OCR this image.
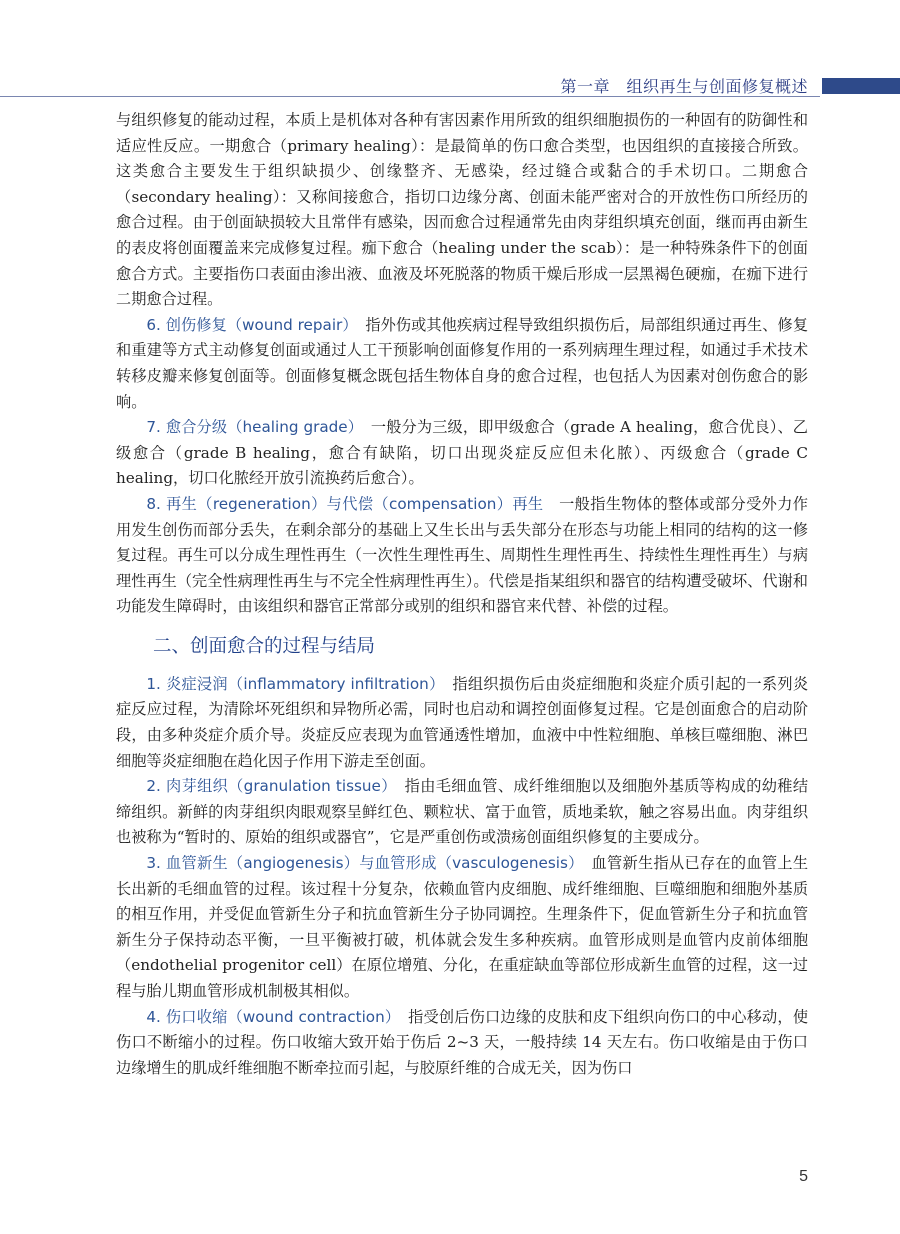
第一章　组织再生与创面修复概述

与组织修复的能动过程，本质上是机体对各种有害因素作用所致的组织细胞损伤的一种固有的防御性和适应性反应。一期愈合（primary healing）：是最简单的伤口愈合类型，也因组织的直接接合所致。这类愈合主要发生于组织缺损少、创缘整齐、无感染，经过缝合或黏合的手术切口。二期愈合（secondary healing）：又称间接愈合，指切口边缘分离、创面未能严密对合的开放性伤口所经历的愈合过程。由于创面缺损较大且常伴有感染，因而愈合过程通常先由肉芽组织填充创面，继而再由新生的表皮将创面覆盖来完成修复过程。痂下愈合（healing under the scab）：是一种特殊条件下的创面愈合方式。主要指伤口表面由渗出液、血液及坏死脱落的物质干燥后形成一层黑褐色硬痂，在痂下进行二期愈合过程。

6. 创伤修复（wound repair）　指外伤或其他疾病过程导致组织损伤后，局部组织通过再生、修复和重建等方式主动修复创面或通过人工干预影响创面修复作用的一系列病理生理过程，如通过手术技术转移皮瓣来修复创面等。创面修复概念既包括生物体自身的愈合过程，也包括人为因素对创伤愈合的影响。

7. 愈合分级（healing grade）　一般分为三级，即甲级愈合（grade A healing，愈合优良）、乙级愈合（grade B healing，愈合有缺陷，切口出现炎症反应但未化脓）、丙级愈合（grade C healing，切口化脓经开放引流换药后愈合）。

8. 再生（regeneration）与代偿（compensation）再生　一般指生物体的整体或部分受外力作用发生创伤而部分丢失，在剩余部分的基础上又生长出与丢失部分在形态与功能上相同的结构的这一修复过程。再生可以分成生理性再生（一次性生理性再生、周期性生理性再生、持续性生理性再生）与病理性再生（完全性病理性再生与不完全性病理性再生）。代偿是指某组织和器官的结构遭受破坏、代谢和功能发生障碍时，由该组织和器官正常部分或别的组织和器官来代替、补偿的过程。

二、创面愈合的过程与结局

1. 炎症浸润（inflammatory infiltration）　指组织损伤后由炎症细胞和炎症介质引起的一系列炎症反应过程，为清除坏死组织和异物所必需，同时也启动和调控创面修复过程。它是创面愈合的启动阶段，由多种炎症介质介导。炎症反应表现为血管通透性增加，血液中中性粒细胞、单核巨噬细胞、淋巴细胞等炎症细胞在趋化因子作用下游走至创面。

2. 肉芽组织（granulation tissue）　指由毛细血管、成纤维细胞以及细胞外基质等构成的幼稚结缔组织。新鲜的肉芽组织肉眼观察呈鲜红色、颗粒状、富于血管，质地柔软，触之容易出血。肉芽组织也被称为“暂时的、原始的组织或器官”，它是严重创伤或溃疡创面组织修复的主要成分。

3. 血管新生（angiogenesis）与血管形成（vasculogenesis）　血管新生指从已存在的血管上生长出新的毛细血管的过程。该过程十分复杂，依赖血管内皮细胞、成纤维细胞、巨噬细胞和细胞外基质的相互作用，并受促血管新生分子和抗血管新生分子协同调控。生理条件下，促血管新生分子和抗血管新生分子保持动态平衡，一旦平衡被打破，机体就会发生多种疾病。血管形成则是血管内皮前体细胞（endothelial progenitor cell）在原位增殖、分化，在重症缺血等部位形成新生血管的过程，这一过程与胎儿期血管形成机制极其相似。

4. 伤口收缩（wound contraction）　指受创后伤口边缘的皮肤和皮下组织向伤口的中心移动，使伤口不断缩小的过程。伤口收缩大致开始于伤后 2~3 天，一般持续 14 天左右。伤口收缩是由于伤口边缘增生的肌成纤维细胞不断牵拉而引起，与胶原纤维的合成无关，因为伤口

5
